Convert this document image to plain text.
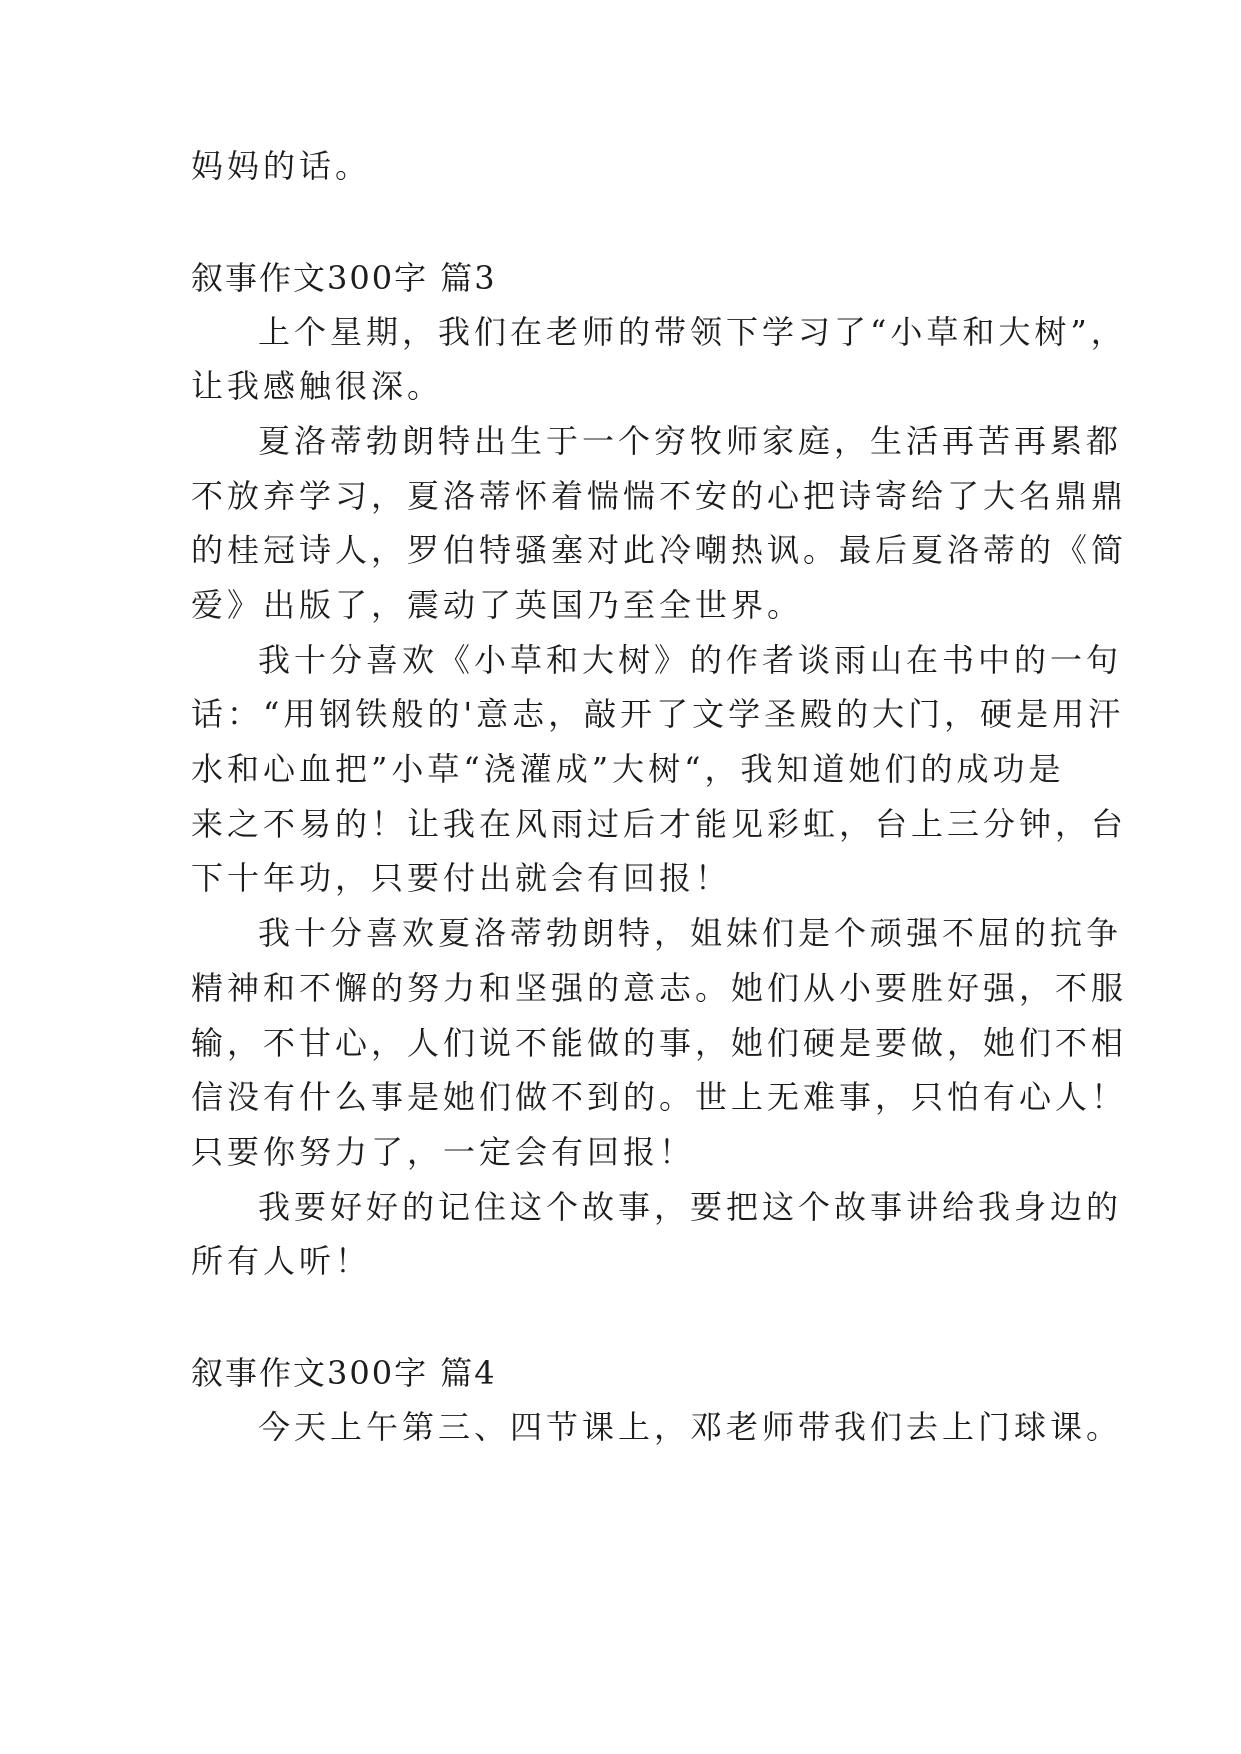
妈妈的话。
叙事作文300字 篇3
上个星期，我们在老师的带领下学习了“小草和大树”，
让我感触很深。
夏洛蒂勃朗特出生于一个穷牧师家庭，生活再苦再累都
不放弃学习，夏洛蒂怀着惴惴不安的心把诗寄给了大名鼎鼎
的桂冠诗人，罗伯特骚塞对此冷嘲热讽。最后夏洛蒂的《简
爱》出版了，震动了英国乃至全世界。
我十分喜欢《小草和大树》的作者谈雨山在书中的一句
话：“用钢铁般的'意志，敲开了文学圣殿的大门，硬是用汗
水和心血把”小草“浇灌成”大树“，我知道她们的成功是
来之不易的！让我在风雨过后才能见彩虹，台上三分钟，台
下十年功，只要付出就会有回报！
我十分喜欢夏洛蒂勃朗特，姐妹们是个顽强不屈的抗争
精神和不懈的努力和坚强的意志。她们从小要胜好强，不服
输，不甘心，人们说不能做的事，她们硬是要做，她们不相
信没有什么事是她们做不到的。世上无难事，只怕有心人！
只要你努力了，一定会有回报！
我要好好的记住这个故事，要把这个故事讲给我身边的
所有人听！
叙事作文300字 篇4
今天上午第三、四节课上，邓老师带我们去上门球课。
